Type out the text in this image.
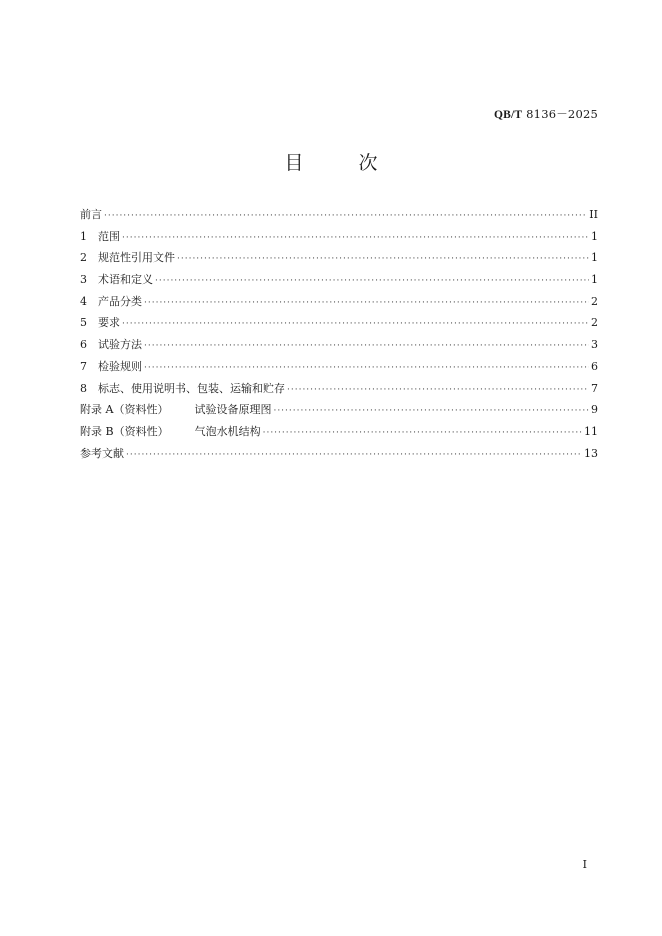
QB/T 8136－2025
目　次
前言 ·····	II
1	范围 ·····	1
2	规范性引用文件 ·····	1
3	术语和定义 ·····	1
4	产品分类 ·····	2
5	要求 ·····	2
6	试验方法 ·····	3
7	检验规则 ·····	6
8	标志、使用说明书、包装、运输和贮存 ·····	7
附录 A（资料性） 试验设备原理图 ·····	9
附录 B（资料性） 气泡水机结构 ·····	11
参考文献 ·····	13
I
